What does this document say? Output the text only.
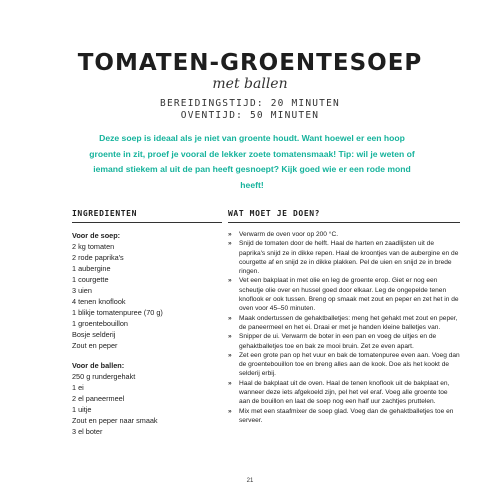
TOMATEN-GROENTESOEP
met ballen
BEREIDINGSTIJD: 20 MINUTEN
OVENTIJD: 50 MINUTEN
Deze soep is ideaal als je niet van groente houdt. Want hoewel er een hoop groente in zit, proef je vooral de lekker zoete tomatensmaak! Tip: wil je weten of iemand stiekem al uit de pan heeft gesnoept? Kijk goed wie er een rode mond heeft!
INGREDIENTEN
Voor de soep:
2 kg tomaten
2 rode paprika's
1 aubergine
1 courgette
3 uien
4 tenen knoflook
1 blikje tomatenpuree (70 g)
1 groentebouillon
Bosje selderij
Zout en peper
Voor de ballen:
250 g rundergehakt
1 ei
2 el paneermeel
1 uitje
Zout en peper naar smaak
3 el boter
WAT MOET JE DOEN?
» Verwarm de oven voor op 200 °C.
» Snijd de tomaten door de helft. Haal de harten en zaadlijsten uit de paprika's snijd ze in dikke repen. Haal de kroontjes van de aubergine en de courgette af en snijd ze in dikke plakken. Pel de uien en snijd ze in brede ringen.
» Vet een bakplaat in met olie en leg de groente erop. Giet er nog een scheutje olie over en hussel goed door elkaar. Leg de ongepelde tenen knoflook er ook tussen. Breng op smaak met zout en peper en zet het in de oven voor 45–50 minuten.
» Maak ondertussen de gehaktballetjes: meng het gehakt met zout en peper, de paneermeel en het ei. Draai er met je handen kleine balletjes van.
» Snipper de ui. Verwarm de boter in een pan en voeg de uitjes en de gehaktballetjes toe en bak ze mooi bruin. Zet ze even apart.
» Zet een grote pan op het vuur en bak de tomatenpuree even aan. Voeg dan de groentebouillon toe en breng alles aan de kook. Doe als het kookt de selderij erbij.
» Haal de bakplaat uit de oven. Haal de tenen knoflook uit de bakplaat en, wanneer deze iets afgekoeld zijn, pel het vel eraf. Voeg alle groente toe aan de bouillon en laat de soep nog een half uur zachtjes pruttelen.
» Mix met een staafmixer de soep glad. Voeg dan de gehaktballetjes toe en serveer.
21
